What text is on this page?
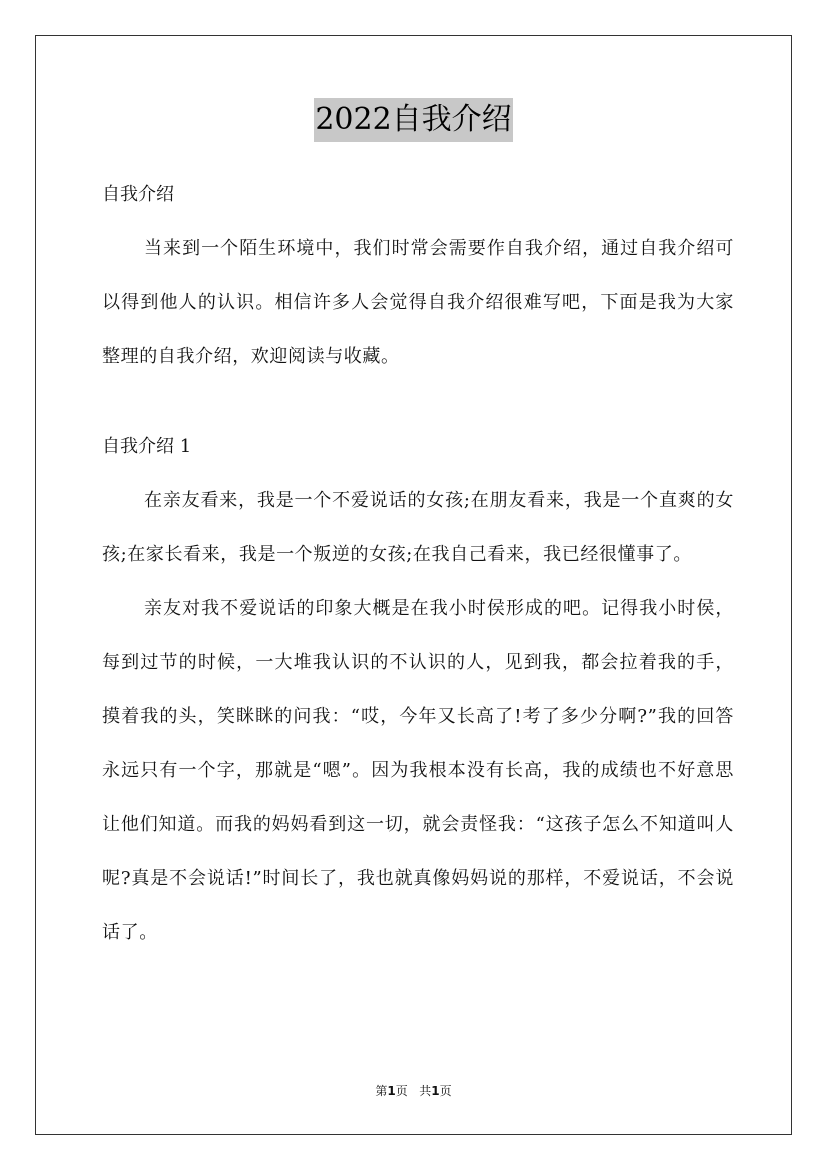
2022自我介绍

自我介绍

当来到一个陌生环境中，我们时常会需要作自我介绍，通过自我介绍可以得到他人的认识。相信许多人会觉得自我介绍很难写吧，下面是我为大家整理的自我介绍，欢迎阅读与收藏。

自我介绍 1

在亲友看来，我是一个不爱说话的女孩;在朋友看来，我是一个直爽的女孩;在家长看来，我是一个叛逆的女孩;在我自己看来，我已经很懂事了。

亲友对我不爱说话的印象大概是在我小时侯形成的吧。记得我小时侯，每到过节的时候，一大堆我认识的不认识的人，见到我，都会拉着我的手，摸着我的头，笑眯眯的问我：“哎，今年又长高了!考了多少分啊?”我的回答永远只有一个字，那就是“嗯”。因为我根本没有长高，我的成绩也不好意思让他们知道。而我的妈妈看到这一切，就会责怪我：“这孩子怎么不知道叫人呢?真是不会说话!”时间长了，我也就真像妈妈说的那样，不爱说话，不会说话了。

第1页 共1页
